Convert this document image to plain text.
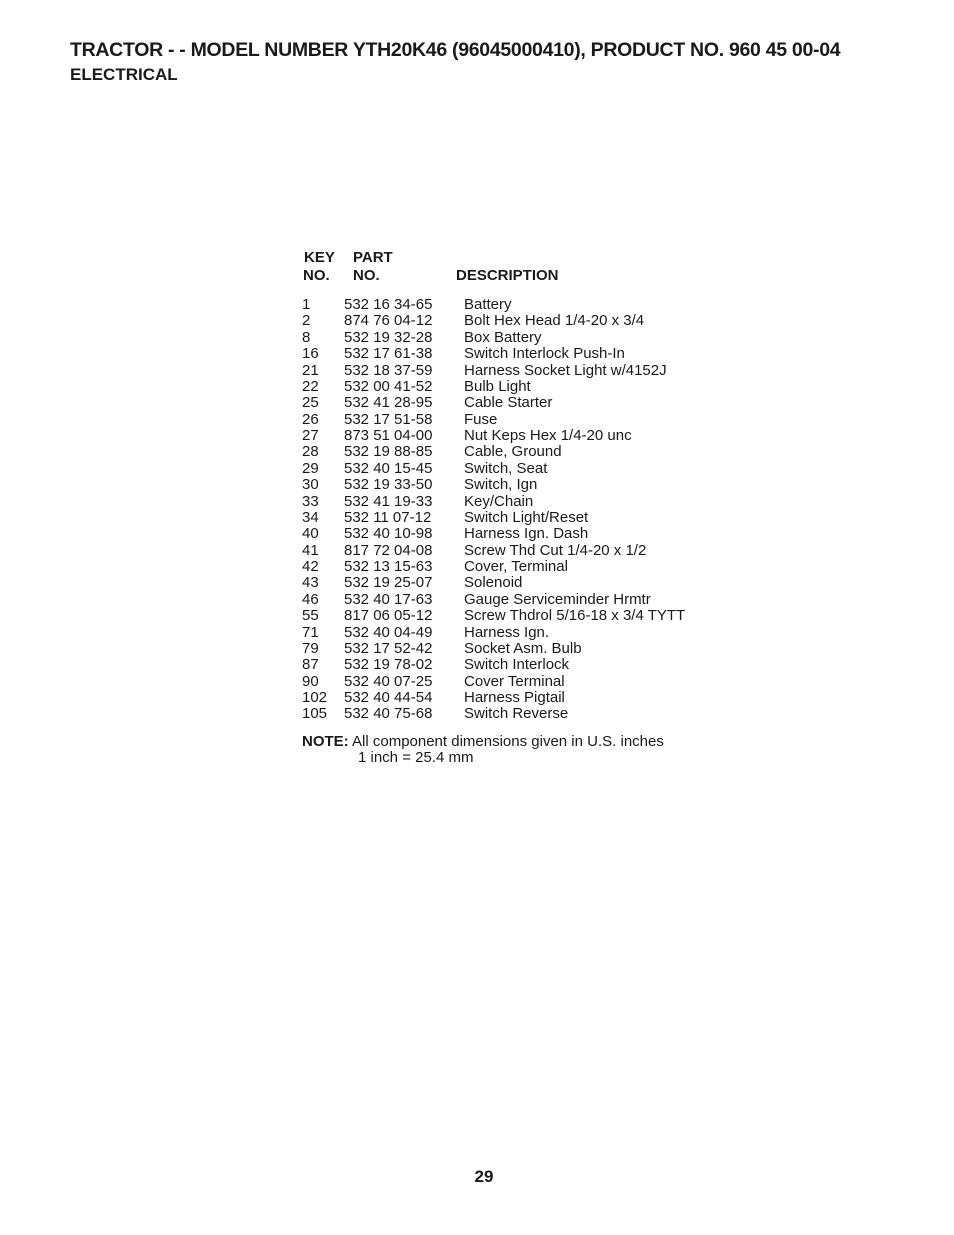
TRACTOR - - MODEL NUMBER YTH20K46 (96045000410), PRODUCT NO. 960 45 00-04
ELECTRICAL
KEY
NO.
PART
NO.	DESCRIPTION
1 532 16 34-65 Battery
2 874 76 04-12 Bolt Hex Head 1/4-20 x 3/4
8 532 19 32-28 Box Battery
16 532 17 61-38 Switch Interlock Push-In
21 532 18 37-59 Harness Socket Light w/4152J
22 532 00 41-52 Bulb Light
25 532 41 28-95 Cable Starter
26 532 17 51-58 Fuse
27 873 51 04-00 Nut Keps Hex 1/4-20 unc
28 532 19 88-85 Cable, Ground
29 532 40 15-45 Switch, Seat
30 532 19 33-50 Switch, Ign
33 532 41 19-33 Key/Chain
34 532 11 07-12 Switch Light/Reset
40 532 40 10-98 Harness Ign. Dash
41 817 72 04-08 Screw Thd Cut 1/4-20 x 1/2
42 532 13 15-63 Cover, Terminal
43 532 19 25-07 Solenoid
46 532 40 17-63 Gauge Serviceminder Hrmtr
55 817 06 05-12 Screw Thdrol 5/16-18 x 3/4 TYTT
71 532 40 04-49 Harness Ign.
79 532 17 52-42 Socket Asm. Bulb
87 532 19 78-02 Switch Interlock
90 532 40 07-25 Cover Terminal
102 532 40 44-54 Harness Pigtail
105 532 40 75-68 Switch Reverse
NOTE: All component dimensions given in U.S. inches
1 inch = 25.4 mm
29
